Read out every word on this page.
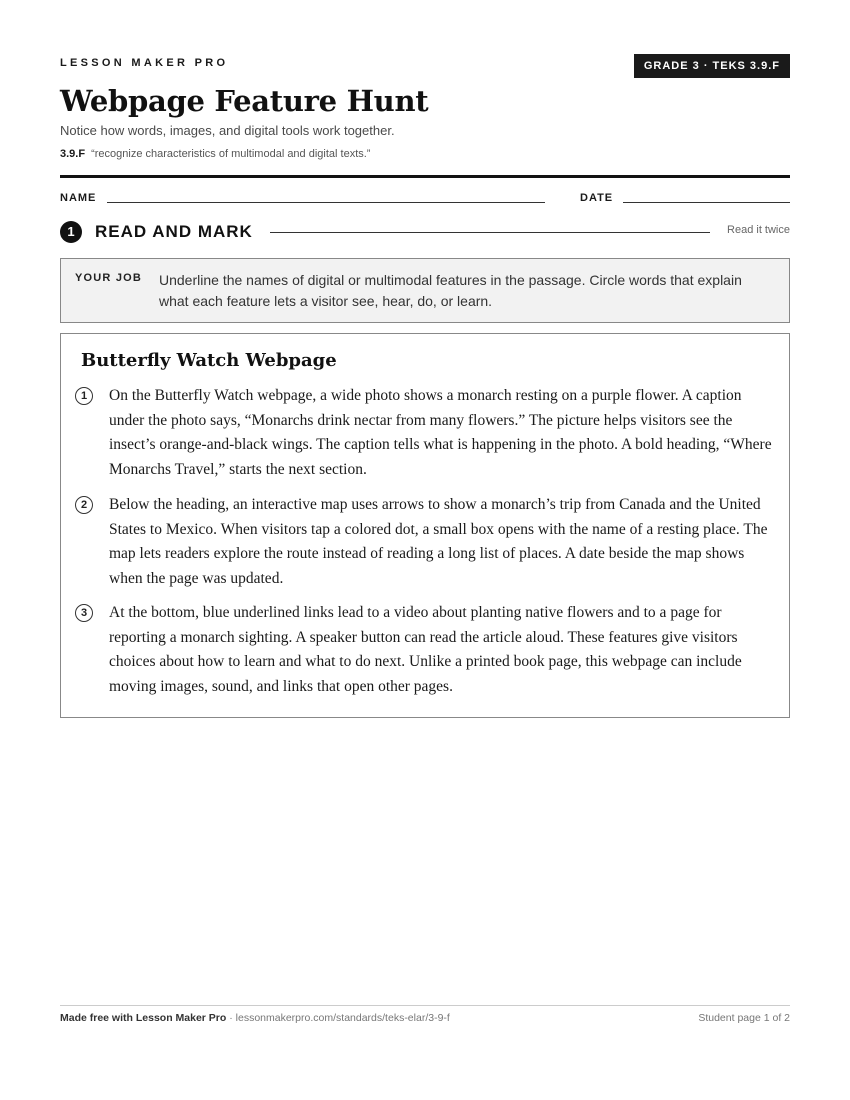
LESSON MAKER PRO	GRADE 3 · TEKS 3.9.F
Webpage Feature Hunt
Notice how words, images, and digital tools work together.
3.9.F “recognize characteristics of multimodal and digital texts.”
NAME	DATE
1	READ AND MARK	Read it twice
YOUR JOB Underline the names of digital or multimodal features in the passage. Circle words that explain what each feature lets a visitor see, hear, do, or learn.
Butterfly Watch Webpage
1	On the Butterfly Watch webpage, a wide photo shows a monarch resting on a purple flower. A caption under the photo says, “Monarchs drink nectar from many flowers.” The picture helps visitors see the insect’s orange-and-black wings. The caption tells what is happening in the photo. A bold heading, “Where Monarchs Travel,” starts the next section.

2	Below the heading, an interactive map uses arrows to show a monarch’s trip from Canada and the United States to Mexico. When visitors tap a colored dot, a small box opens with the name of a resting place. The map lets readers explore the route instead of reading a long list of places. A date beside the map shows when the page was updated.

3	At the bottom, blue underlined links lead to a video about planting native flowers and to a page for reporting a monarch sighting. A speaker button can read the article aloud. These features give visitors choices about how to learn and what to do next. Unlike a printed book page, this webpage can include moving images, sound, and links that open other pages.

Made free with Lesson Maker Pro · lessonmakerpro.com/standards/teks-elar/3-9-f	Student page 1 of 2
